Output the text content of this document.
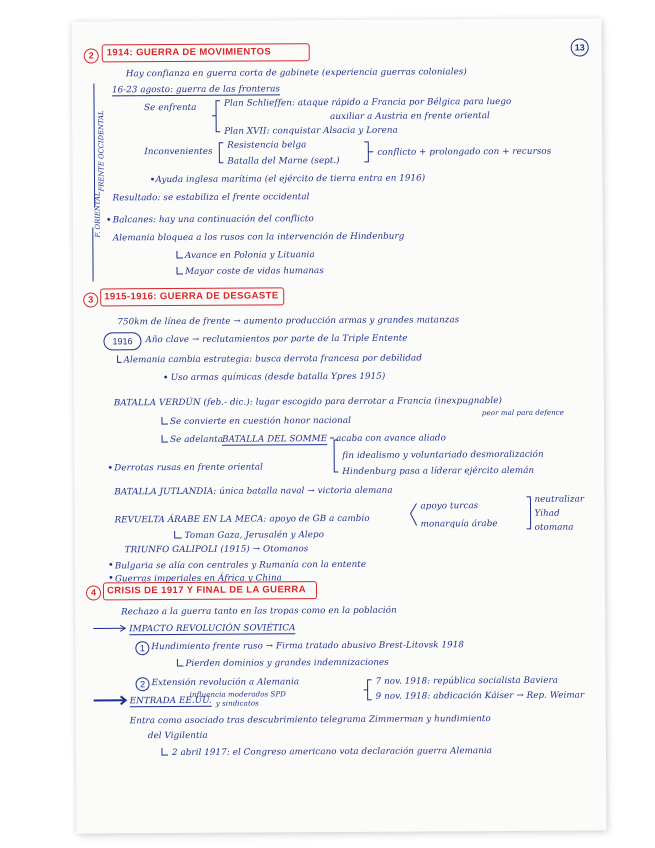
13
2	1914: GUERRA DE MOVIMIENTOS
Hay confianza en guerra corta de gabinete (experiencia guerras coloniales)
FRENTE OCCIDENTAL
16-23 agosto: guerra de las fronteras
Se enfrenta	Plan Schlieffen: ataque rápido a Francia por Bélgica para luego
auxiliar a Austria en frente oriental
Plan XVII: conquistar Alsacia y Lorena
Inconvenientes
Resistencia belga
Batalla del Marne (sept.)
conflicto + prolongado con + recursos
Ayuda inglesa marítima (el ejército de tierra entra en 1916)
Resultado: se estabiliza el frente occidental
F. ORIENTAL Balcanes: hay una continuación del conflicto
Alemania bloquea a los rusos con la intervención de Hindenburg
Avance en Polonia y Lituania
Mayor coste de vidas humanas
3	1915-1916: GUERRA DE DESGASTE
750km de línea de frente → aumento producción armas y grandes matanzas
1916	Año clave → reclutamientos por parte de la Triple Entente
Alemania cambia estrategia: busca derrota francesa por debilidad
Uso armas químicas (desde batalla Ypres 1915)
BATALLA VERDÚN (feb.- dic.): lugar escogido para derrotar a Francia (inexpugnable)
peor mal para defence
Se convierte en cuestión honor nacional
Se adelanta
BATALLA DEL SOMME acaba con avance aliado
fin idealismo y voluntariado desmoralización
Hindenburg pasa a líderar ejército alemán
Derrotas rusas en frente oriental
BATALLA JUTLANDIA: única batalla naval → victoria alemana
apoyo turcas
neutralizar
Yihad
otomana
REVUELTA ÁRABE EN LA MECA: apoyo de GB a cambio	monarquía árabe
Toman Gaza, Jerusalén y Alepo
TRIUNFO GALIPOLI (1915) → Otomanos
Bulgaria se alía con centrales y Rumanía con la entente
Guerras imperiales en África y China
4	CRISIS DE 1917 Y FINAL DE LA GUERRA
Rechazo a la guerra tanto en las tropas como en la población
IMPACTO REVOLUCIÓN SOVIÉTICA
1 Hundimiento frente ruso → Firma tratado abusivo Brest-Litovsk 1918
Pierden dominios y grandes indemnizaciones
2 Extensión revolución a Alemania
influencia moderados SPD
y sindicatos
7 nov. 1918: república socialista Baviera
9 nov. 1918: abdicación Káiser → Rep. Weimar
ENTRADA EE.UU.
Entra como asociado tras descubrimiento telegrama Zimmerman y hundimiento
del Vigilentia
2 abril 1917: el Congreso americano vota declaración guerra Alemania
